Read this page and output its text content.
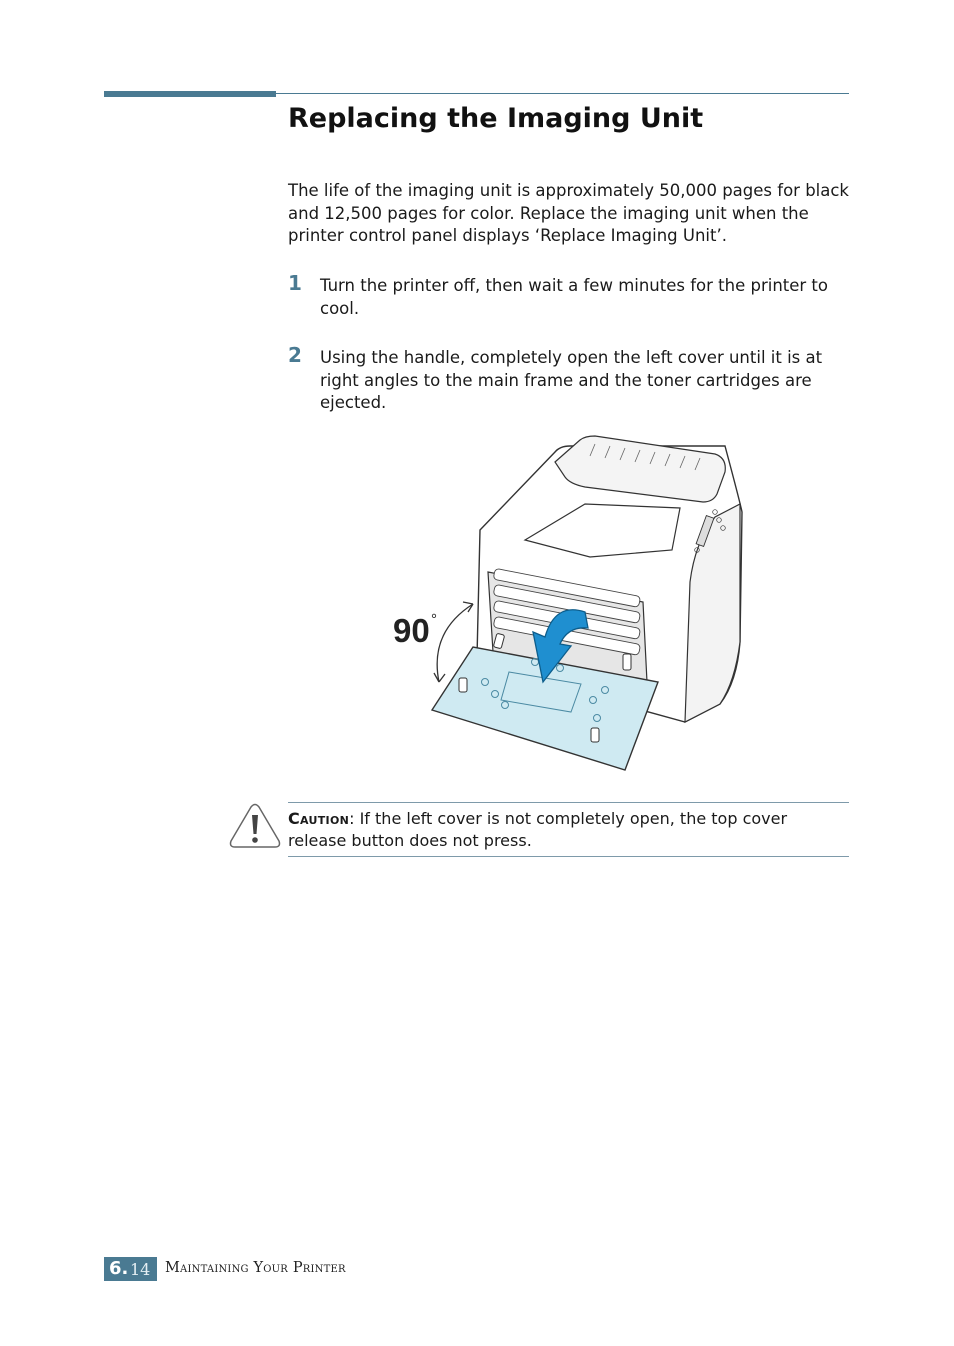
Replacing the Imaging Unit

The life of the imaging unit is approximately 50,000 pages for black and 12,500 pages for color. Replace the imaging unit when the printer control panel displays ‘Replace Imaging Unit’.

1 Turn the printer off, then wait a few minutes for the printer to cool.
2 Using the handle, completely open the left cover until it is at right angles to the main frame and the toner cartridges are ejected.
90 °

Caution: If the left cover is not completely open, the top cover release button does not press.

6. 14 Maintaining Your Printer
